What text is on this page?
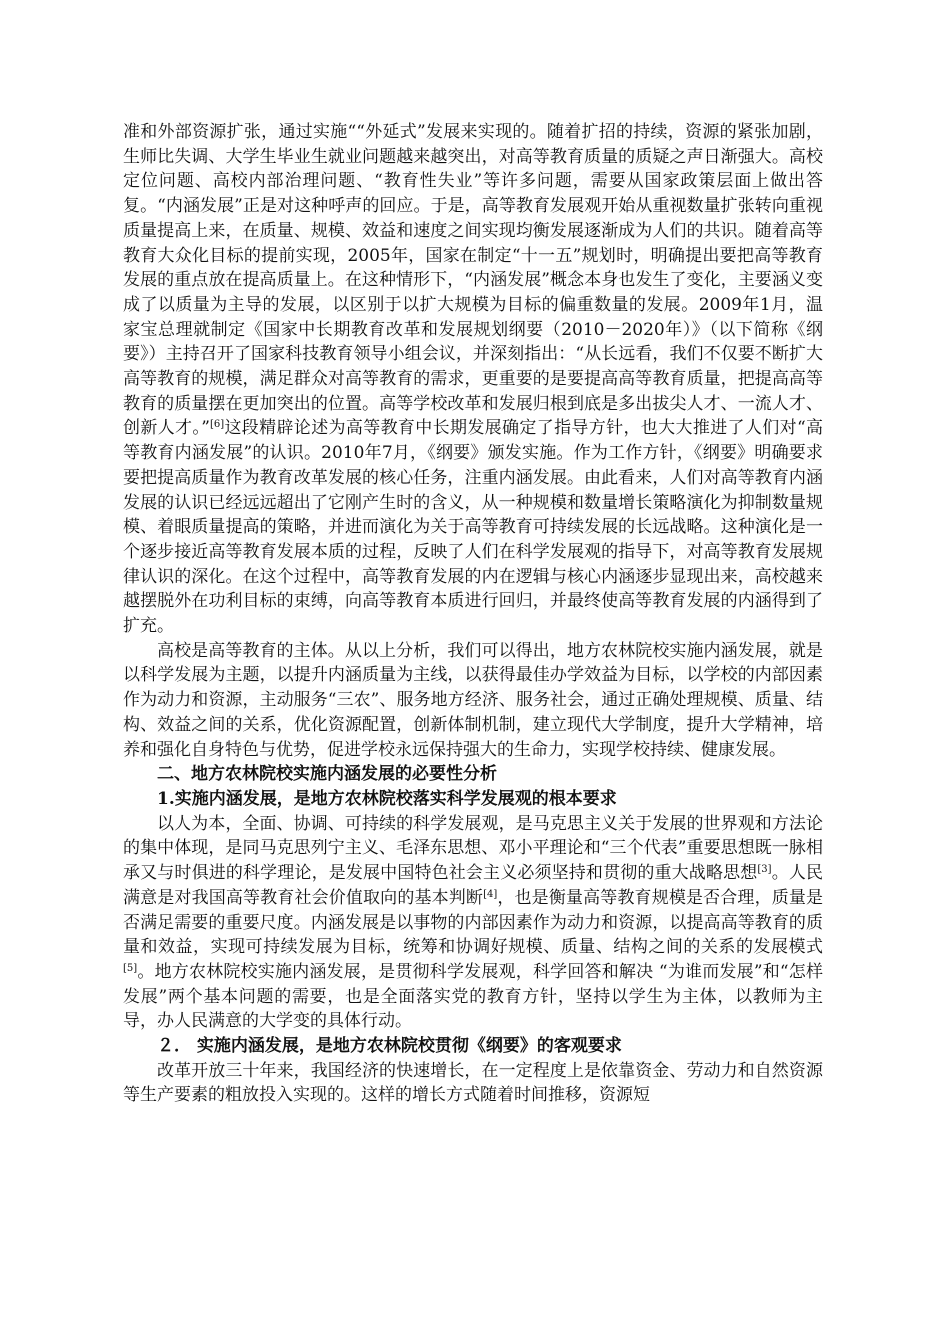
准和外部资源扩张，通过实施““外延式”发展来实现的。随着扩招的持续，资源的紧张加剧，生师比失调、大学生毕业生就业问题越来越突出，对高等教育质量的质疑之声日渐强大。高校定位问题、高校内部治理问题、“教育性失业”等许多问题，需要从国家政策层面上做出答复。“内涵发展”正是对这种呼声的回应。于是，高等教育发展观开始从重视数量扩张转向重视质量提高上来，在质量、规模、效益和速度之间实现均衡发展逐渐成为人们的共识。随着高等教育大众化目标的提前实现，2005年，国家在制定“十一五”规划时，明确提出要把高等教育发展的重点放在提高质量上。在这种情形下，“内涵发展”概念本身也发生了变化，主要涵义变成了以质量为主导的发展，以区别于以扩大规模为目标的偏重数量的发展。2009年1月，温家宝总理就制定《国家中长期教育改革和发展规划纲要（2010－2020年）》（以下简称《纲要》）主持召开了国家科技教育领导小组会议，并深刻指出：“从长远看，我们不仅要不断扩大高等教育的规模，满足群众对高等教育的需求，更重要的是要提高高等教育质量，把提高高等教育的质量摆在更加突出的位置。高等学校改革和发展归根到底是多出拔尖人才、一流人才、创新人才。”[6]这段精辟论述为高等教育中长期发展确定了指导方针，也大大推进了人们对“高等教育内涵发展”的认识。2010年7月，《纲要》颁发实施。作为工作方针，《纲要》明确要求要把提高质量作为教育改革发展的核心任务，注重内涵发展。由此看来，人们对高等教育内涵发展的认识已经远远超出了它刚产生时的含义，从一种规模和数量增长策略演化为抑制数量规模、着眼质量提高的策略，并进而演化为关于高等教育可持续发展的长远战略。这种演化是一个逐步接近高等教育发展本质的过程，反映了人们在科学发展观的指导下，对高等教育发展规律认识的深化。在这个过程中，高等教育发展的内在逻辑与核心内涵逐步显现出来，高校越来越摆脱外在功利目标的束缚，向高等教育本质进行回归，并最终使高等教育发展的内涵得到了扩充。

高校是高等教育的主体。从以上分析，我们可以得出，地方农林院校实施内涵发展，就是以科学发展为主题，以提升内涵质量为主线，以获得最佳办学效益为目标，以学校的内部因素作为动力和资源，主动服务“三农”、服务地方经济、服务社会，通过正确处理规模、质量、结构、效益之间的关系，优化资源配置，创新体制机制，建立现代大学制度，提升大学精神，培养和强化自身特色与优势，促进学校永远保持强大的生命力，实现学校持续、健康发展。

二、地方农林院校实施内涵发展的必要性分析

1.实施内涵发展，是地方农林院校落实科学发展观的根本要求

以人为本，全面、协调、可持续的科学发展观，是马克思主义关于发展的世界观和方法论的集中体现，是同马克思列宁主义、毛泽东思想、邓小平理论和“三个代表”重要思想既一脉相承又与时俱进的科学理论，是发展中国特色社会主义必须坚持和贯彻的重大战略思想[3]。人民满意是对我国高等教育社会价值取向的基本判断[4]，也是衡量高等教育规模是否合理，质量是否满足需要的重要尺度。内涵发展是以事物的内部因素作为动力和资源，以提高高等教育的质量和效益，实现可持续发展为目标，统筹和协调好规模、质量、结构之间的关系的发展模式[5]。地方农林院校实施内涵发展，是贯彻科学发展观，科学回答和解决 “为谁而发展”和“怎样发展”两个基本问题的需要，也是全面落实党的教育方针，坚持以学生为主体，以教师为主导，办人民满意的大学变的具体行动。

２． 实施内涵发展，是地方农林院校贯彻《纲要》的客观要求

改革开放三十年来，我国经济的快速增长，在一定程度上是依靠资金、劳动力和自然资源等生产要素的粗放投入实现的。这样的增长方式随着时间推移，资源短
